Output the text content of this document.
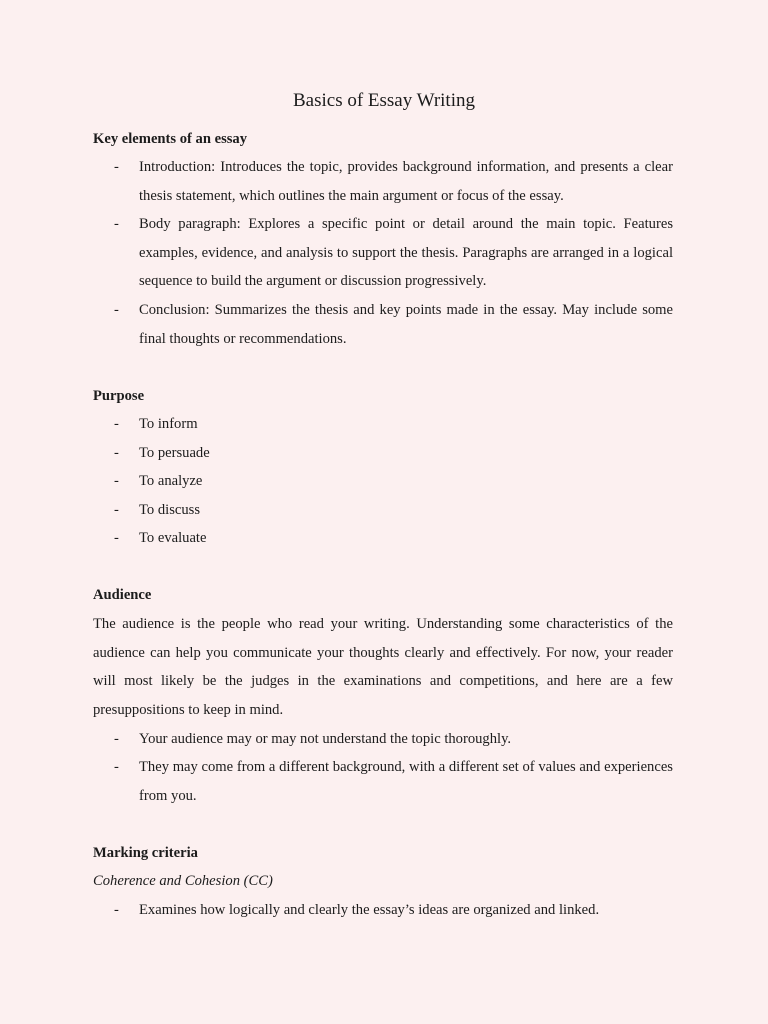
Basics of Essay Writing
Key elements of an essay
- Introduction: Introduces the topic, provides background information, and presents a clear thesis statement, which outlines the main argument or focus of the essay.
- Body paragraph: Explores a specific point or detail around the main topic. Features examples, evidence, and analysis to support the thesis. Paragraphs are arranged in a logical sequence to build the argument or discussion progressively.
- Conclusion: Summarizes the thesis and key points made in the essay. May include some final thoughts or recommendations.
Purpose
- To inform
- To persuade
- To analyze
- To discuss
- To evaluate
Audience
The audience is the people who read your writing. Understanding some characteristics of the audience can help you communicate your thoughts clearly and effectively. For now, your reader will most likely be the judges in the examinations and competitions, and here are a few presuppositions to keep in mind.
- Your audience may or may not understand the topic thoroughly.
- They may come from a different background, with a different set of values and experiences from you.
Marking criteria
Coherence and Cohesion (CC)
- Examines how logically and clearly the essay’s ideas are organized and linked.
